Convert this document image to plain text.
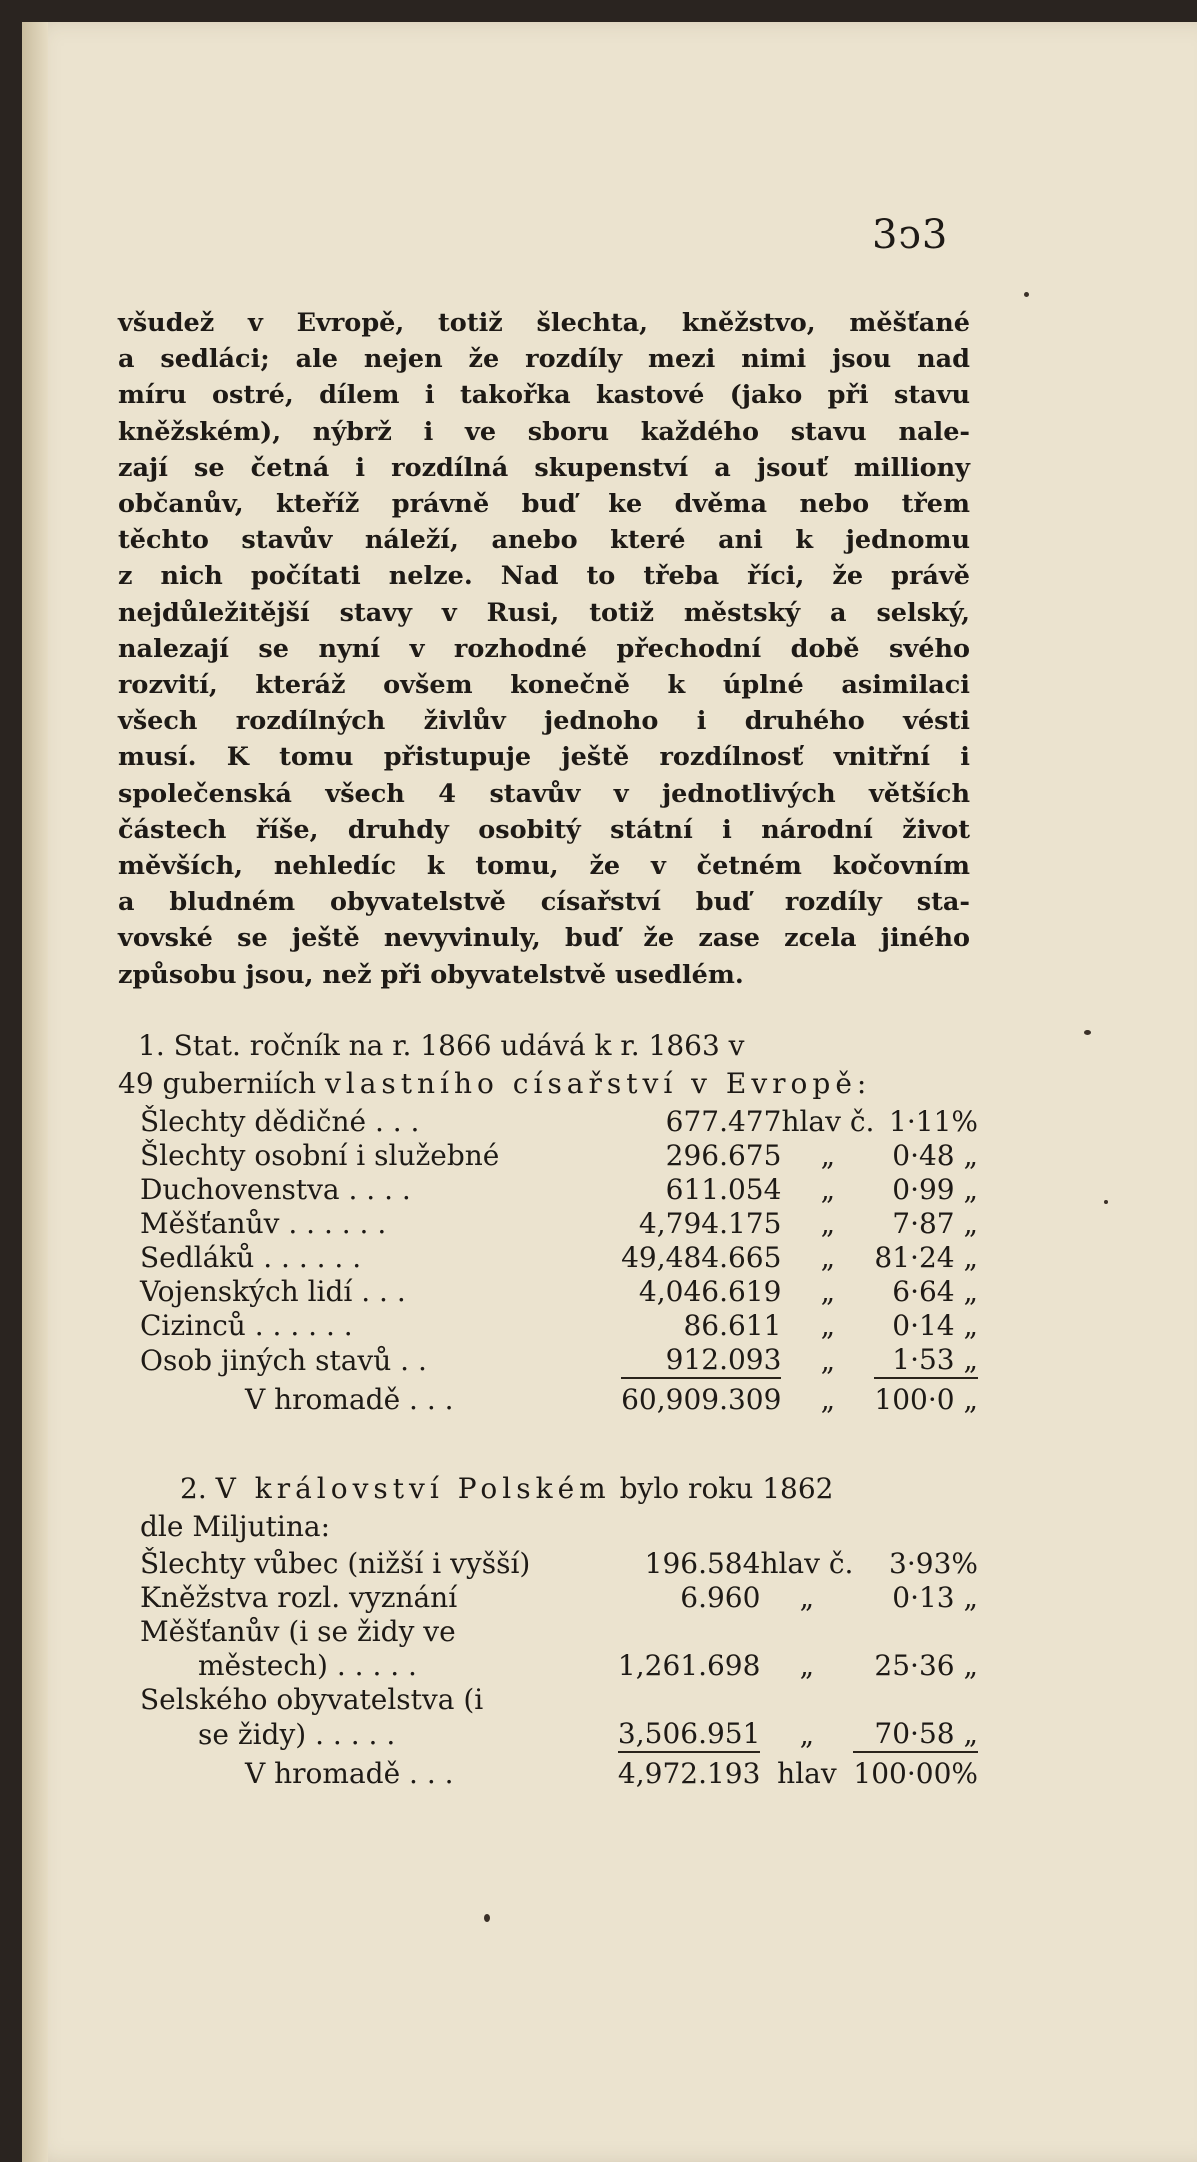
3ↄ3
všudež v Evropě, totiž šlechta, kněžstvo, měšťané
a sedláci; ale nejen že rozdíly mezi nimi jsou nad
míru ostré, dílem i takořka kastové (jako při stavu
kněžském), nýbrž i ve sboru každého stavu nale-
zají se četná i rozdílná skupenství a jsouť milliony
občanův, kteříž právně buď ke dvěma nebo třem
těchto stavův náleží, anebo které ani k jednomu
z nich počítati nelze. Nad to třeba říci, že právě
nejdůležitější stavy v Rusi, totiž městský a selský,
nalezají se nyní v rozhodné přechodní době svého
rozvití, kteráž ovšem konečně k úplné asimilaci
všech rozdílných živlův jednoho i druhého vésti
musí. K tomu přistupuje ještě rozdílnosť vnitřní i
společenská všech 4 stavův v jednotlivých větších
částech říše, druhdy osobitý státní i národní život
měvších, nehledíc k tomu, že v četném kočovním
a bludném obyvatelstvě císařství buď rozdíly sta-
vovské se ještě nevyvinuly, buď že zase zcela jiného
způsobu jsou, než při obyvatelstvě usedlém.
1. Stat. ročník na r. 1866 udává k r. 1863 v
49 guberniích vlastního císařství v Evropě:
Šlechty dědičné . . .	677.477	hlav č.	1·11%
Šlechty osobní i služebné	296.675	„	0·48 „
Duchovenstva . . . .	611.054	„	0·99 „
Měšťanův . . . . . .	4,794.175	„	7·87 „
Sedláků . . . . . .	49,484.665	„	81·24 „
Vojenských lidí . . .	4,046.619	„	6·64 „
Cizinců . . . . . .	86.611	„	0·14 „
Osob jiných stavů . .	912.093	„	1·53 „
V hromadě . . .	60,909.309	„	100·0 „
2. V království Polském bylo roku 1862
dle Miljutina:
Šlechty vůbec (nižší i vyšší)	196.584	hlav č.	3·93%
Kněžstva rozl. vyznání	6.960	„	0·13 „
Měšťanův (i se židy ve			
městech) . . . . .	1,261.698	„	25·36 „
Selského obyvatelstva (i			
se židy) . . . . .	3,506.951	„	70·58 „
V hromadě . . .	4,972.193	hlav	100·00%
